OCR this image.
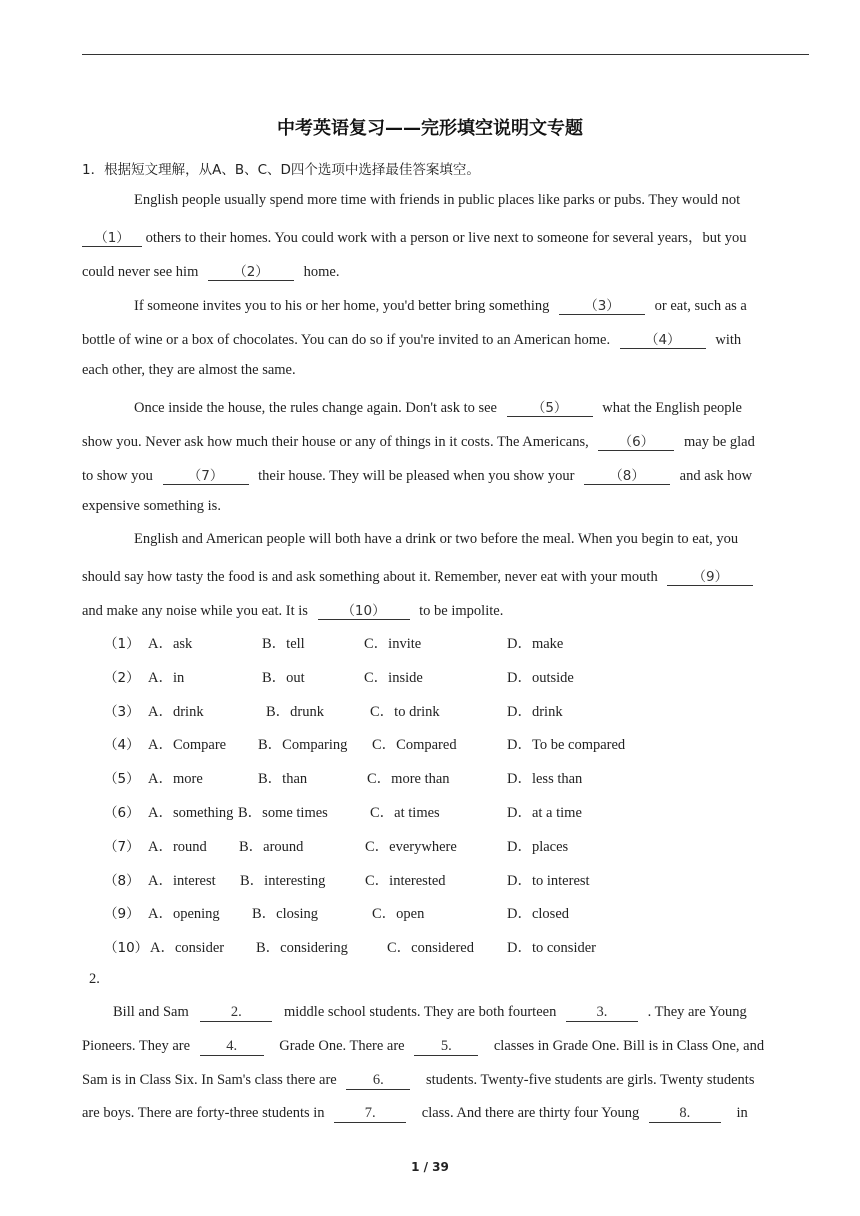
中考英语复习——完形填空说明文专题
1．根据短文理解，从A、B、C、D四个选项中选择最佳答案填空。
English people usually spend more time with friends in public places like parks or pubs. They would not
（1） others to their homes. You could work with a person or live next to someone for several years，but you
could never see him	（2） home.
If someone invites you to his or her home, you'd better bring something	（3） or eat, such as a
bottle of wine or a box of chocolates. You can do so if you're invited to an American home.	（4） with
each other, they are almost the same.
Once inside the house, the rules change again. Don't ask to see	（5） what the English people
show you. Never ask how much their house or any of things in it costs. The Americans, （6） may be glad
to show you	（7） their house. They will be pleased when you show your	（8） and ask how
expensive something is.
English and American people will both have a drink or two before the meal. When you begin to eat, you
should say how tasty the food is and ask something about it. Remember, never eat with your mouth	（9）
and make any noise while you eat. It is （10） to be impolite.
（1） A．ask	B．tell	C．invite	D．make
（2） A．in	B．out	C．inside	D．outside
（3） A．drink	B．drunk	C．to drink	D．drink
（4） A．Compare B．Comparing C．Compared	D．To be compared
（5） A．more	B．than	C．more than	D．less than
（6） A．something B．some times	C．at times	D．at a time
（7） A．round B．around	C．everywhere	D．places
（8） A．interest B．interesting	C．interested	D．to interest
（9） A．opening B．closing	C．open	D．closed
（10） A．consider B．considering	C．considered D．to consider
2.
Bill and Sam	2.	middle school students. They are both fourteen	3.	. They are Young
Pioneers. They are 4.	Grade One. There are 5.	classes in Grade One. Bill is in Class One, and
Sam is in Class Six. In Sam's class there are 6.	students. Twenty-five students are girls. Twenty students
are boys. There are forty-three students in	7.	class. And there are thirty four Young	8.	in
1 / 39
